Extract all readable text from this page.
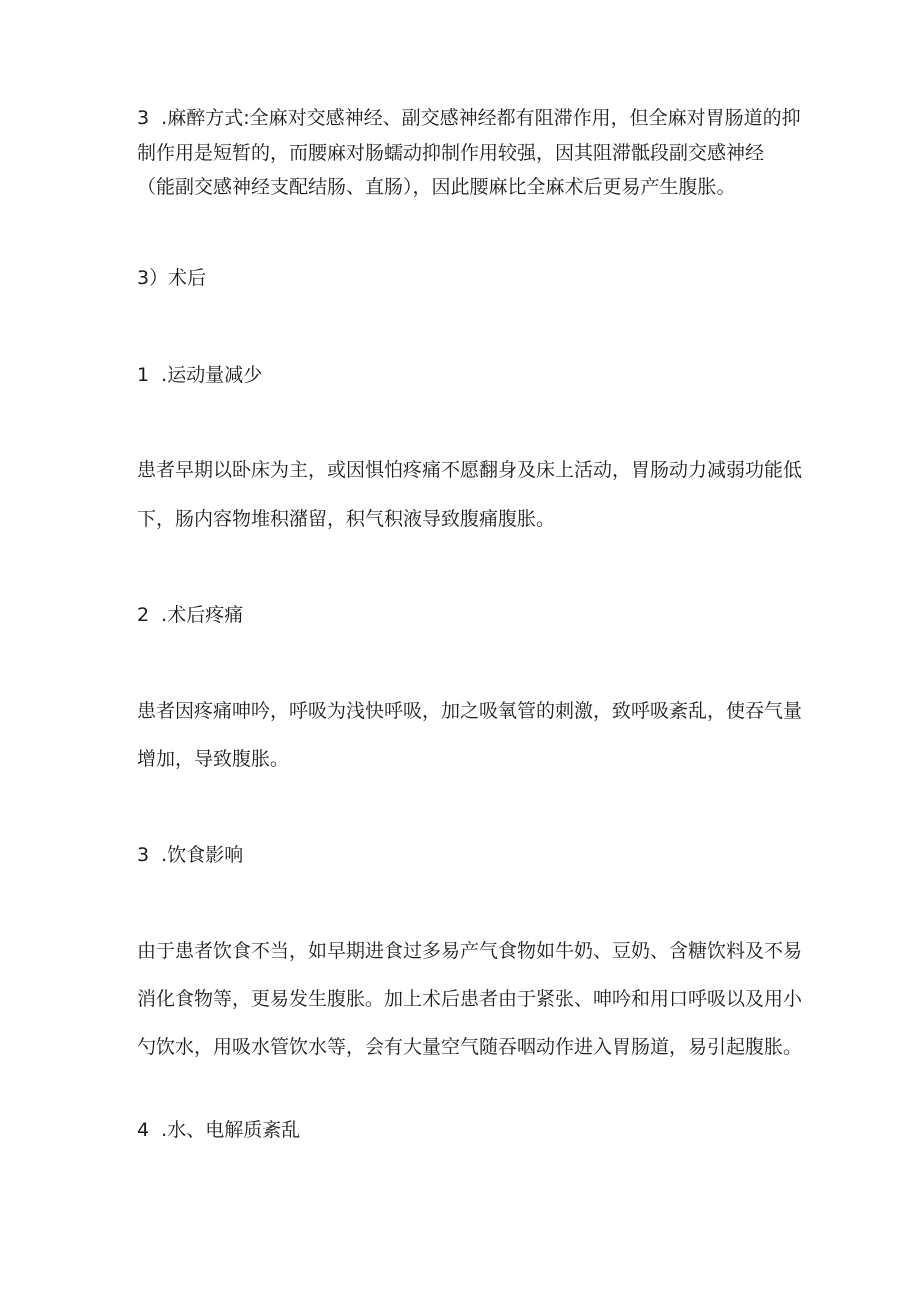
3  .麻醉方式:全麻对交感神经、副交感神经都有阻滞作用，但全麻对胃肠道的抑
制作用是短暂的，而腰麻对肠蠕动抑制作用较强，因其阻滞骶段副交感神经
（能副交感神经支配结肠、直肠），因此腰麻比全麻术后更易产生腹胀。
3）术后
1  .运动量减少
患者早期以卧床为主，或因惧怕疼痛不愿翻身及床上活动，胃肠动力减弱功能低
下，肠内容物堆积潴留，积气积液导致腹痛腹胀。
2  .术后疼痛
患者因疼痛呻吟，呼吸为浅快呼吸，加之吸氧管的刺激，致呼吸紊乱，使吞气量
增加，导致腹胀。
3  .饮食影响
由于患者饮食不当，如早期进食过多易产气食物如牛奶、豆奶、含糖饮料及不易
消化食物等，更易发生腹胀。加上术后患者由于紧张、呻吟和用口呼吸以及用小
勺饮水，用吸水管饮水等，会有大量空气随吞咽动作进入胃肠道，易引起腹胀。
4  .水、电解质紊乱
